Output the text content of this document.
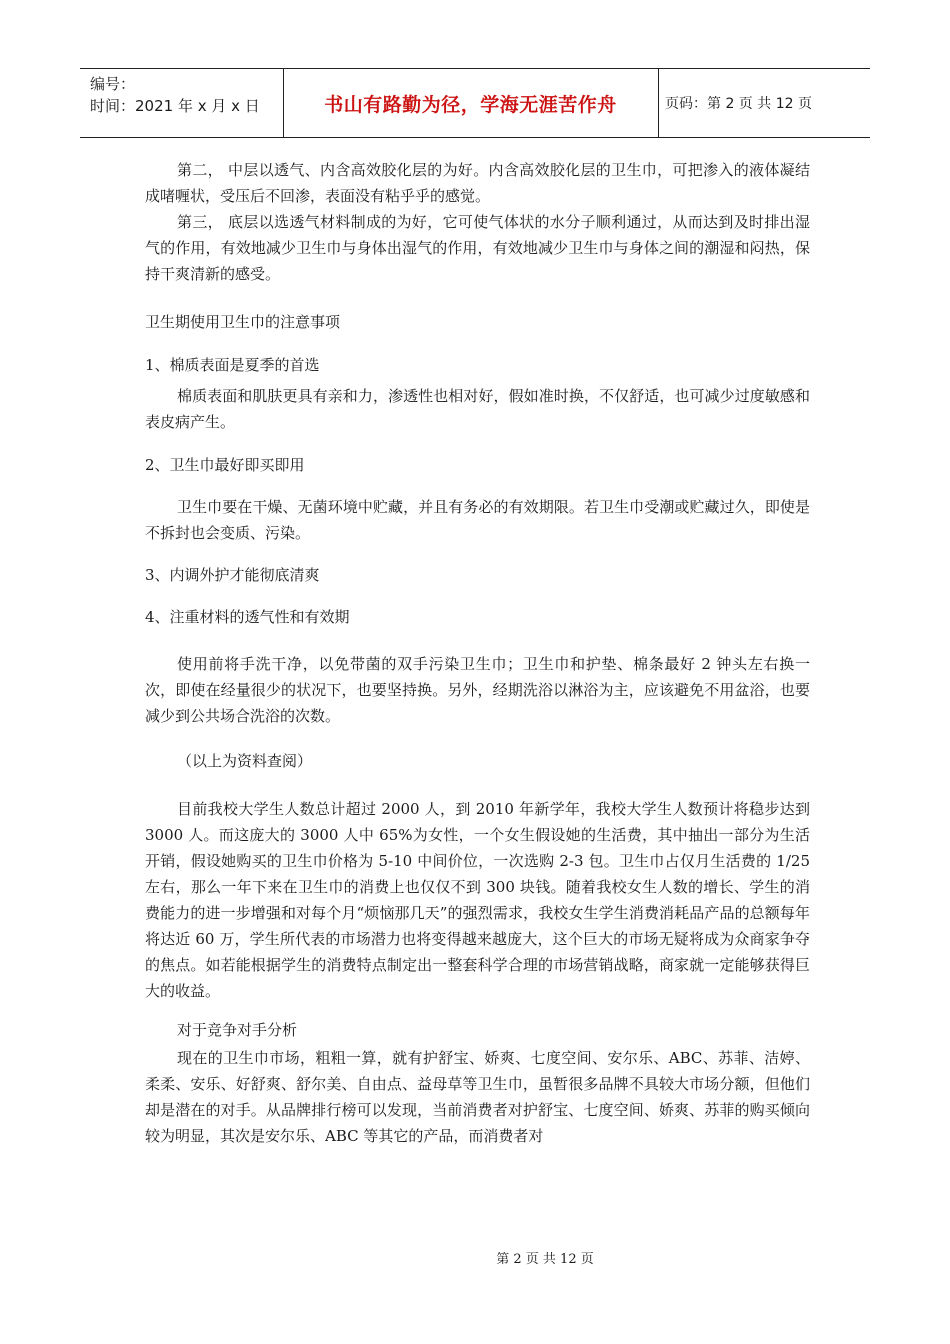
编号：
时间：2021 年 x 月 x 日	书山有路勤为径，学海无涯苦作舟	页码：第 2 页 共 12 页

第二， 中层以透气、内含高效胶化层的为好。内含高效胶化层的卫生巾，可把渗入的液体凝结成啫喱状，受压后不回渗，表面没有粘乎乎的感觉。

第三， 底层以选透气材料制成的为好，它可使气体状的水分子顺利通过，从而达到及时排出湿气的作用，有效地减少卫生巾与身体出湿气的作用，有效地减少卫生巾与身体之间的潮湿和闷热，保持干爽清新的感受。

卫生期使用卫生巾的注意事项

1、棉质表面是夏季的首选

棉质表面和肌肤更具有亲和力，渗透性也相对好，假如准时换，不仅舒适，也可减少过度敏感和表皮病产生。

2、卫生巾最好即买即用

卫生巾要在干燥、无菌环境中贮藏，并且有务必的有效期限。若卫生巾受潮或贮藏过久，即使是不拆封也会变质、污染。

3、内调外护才能彻底清爽

4、注重材料的透气性和有效期

使用前将手洗干净，以免带菌的双手污染卫生巾；卫生巾和护垫、棉条最好 2 钟头左右换一次，即使在经量很少的状况下，也要坚持换。另外，经期洗浴以淋浴为主，应该避免不用盆浴，也要减少到公共场合洗浴的次数。

（以上为资料查阅）

目前我校大学生人数总计超过 2000 人，到 2010 年新学年，我校大学生人数预计将稳步达到 3000 人。而这庞大的 3000 人中 65%为女性，一个女生假设她的生活费，其中抽出一部分为生活开销，假设她购买的卫生巾价格为 5-10 中间价位，一次选购 2-3 包。卫生巾占仅月生活费的 1/25 左右，那么一年下来在卫生巾的消费上也仅仅不到 300 块钱。随着我校女生人数的增长、学生的消费能力的进一步增强和对每个月“烦恼那几天”的强烈需求，我校女生学生消费消耗品产品的总额每年将达近 60 万，学生所代表的市场潜力也将变得越来越庞大，这个巨大的市场无疑将成为众商家争夺的焦点。如若能根据学生的消费特点制定出一整套科学合理的市场营销战略，商家就一定能够获得巨大的收益。

对于竞争对手分析

现在的卫生巾市场，粗粗一算，就有护舒宝、娇爽、七度空间、安尔乐、ABC、苏菲、洁婷、柔柔、安乐、好舒爽、舒尔美、自由点、益母草等卫生巾，虽暂很多品牌不具较大市场分额，但他们却是潜在的对手。从品牌排行榜可以发现，当前消费者对护舒宝、七度空间、娇爽、苏菲的购买倾向较为明显，其次是安尔乐、ABC 等其它的产品，而消费者对

第 2 页 共 12 页
